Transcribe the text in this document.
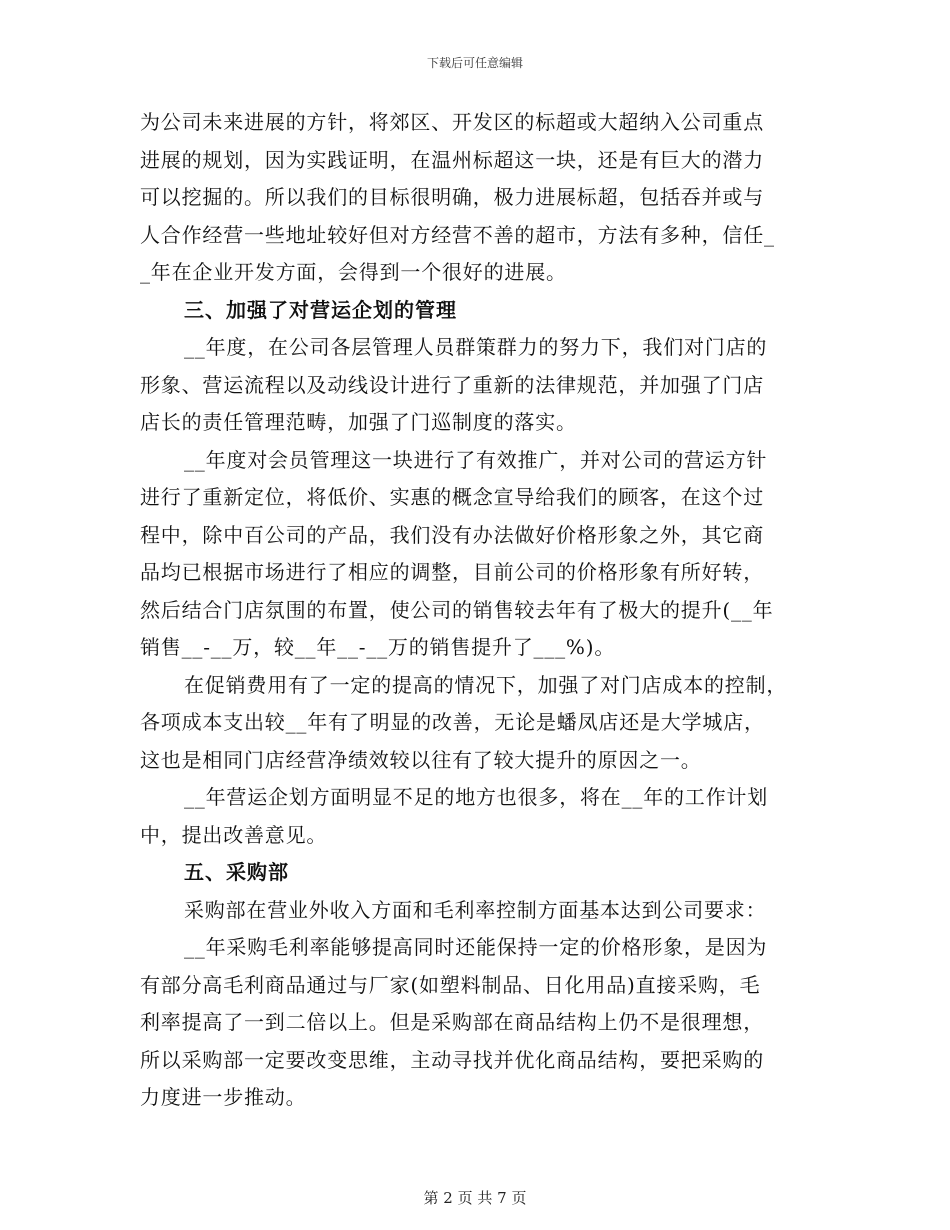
下载后可任意编辑
为公司未来进展的方针，将郊区、开发区的标超或大超纳入公司重点
进展的规划，因为实践证明，在温州标超这一块，还是有巨大的潜力
可以挖掘的。所以我们的目标很明确，极力进展标超，包括吞并或与
人合作经营一些地址较好但对方经营不善的超市，方法有多种，信任_
_年在企业开发方面，会得到一个很好的进展。
三、加强了对营运企划的管理
__年度，在公司各层管理人员群策群力的努力下，我们对门店的
形象、营运流程以及动线设计进行了重新的法律规范，并加强了门店
店长的责任管理范畴，加强了门巡制度的落实。
__年度对会员管理这一块进行了有效推广，并对公司的营运方针
进行了重新定位，将低价、实惠的概念宣导给我们的顾客，在这个过
程中，除中百公司的产品，我们没有办法做好价格形象之外，其它商
品均已根据市场进行了相应的调整，目前公司的价格形象有所好转，
然后结合门店氛围的布置，使公司的销售较去年有了极大的提升(__年
销售__-__万，较__年__-__万的销售提升了___%)。
在促销费用有了一定的提高的情况下，加强了对门店成本的控制，
各项成本支出较__年有了明显的改善，无论是蟠凤店还是大学城店，
这也是相同门店经营净绩效较以往有了较大提升的原因之一。
__年营运企划方面明显不足的地方也很多，将在__年的工作计划
中，提出改善意见。
五、采购部
采购部在营业外收入方面和毛利率控制方面基本达到公司要求：
__年采购毛利率能够提高同时还能保持一定的价格形象，是因为
有部分高毛利商品通过与厂家(如塑料制品、日化用品)直接采购，毛
利率提高了一到二倍以上。但是采购部在商品结构上仍不是很理想，
所以采购部一定要改变思维，主动寻找并优化商品结构，要把采购的
力度进一步推动。
第 2 页 共 7 页
